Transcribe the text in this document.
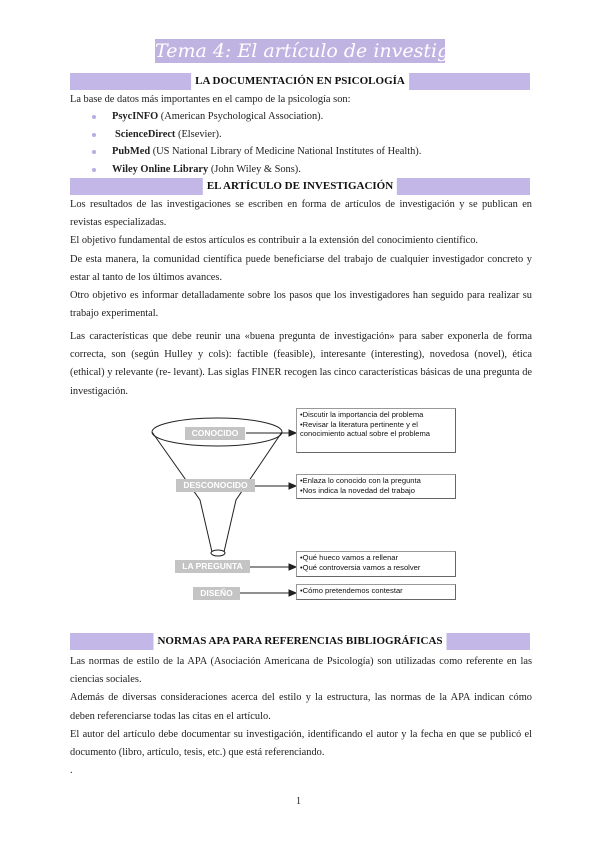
Tema 4: El artículo de investigación
LA DOCUMENTACIÓN EN PSICOLOGÍA

La base de datos más importantes en el campo de la psicología son:

PsycINFO (American Psychological Association).
ScienceDirect (Elsevier).
PubMed (US National Library of Medicine National Institutes of Health).
Wiley Online Library (John Wiley & Sons).
EL ARTÍCULO DE INVESTIGACIÓN

Los resultados de las investigaciones se escriben en forma de artículos de investigación y se publican en revistas especializadas.

El objetivo fundamental de estos artículos es contribuir a la extensión del conocimiento científico.

De esta manera, la comunidad científica puede beneficiarse del trabajo de cualquier investigador concreto y estar al tanto de los últimos avances.

Otro objetivo es informar detalladamente sobre los pasos que los investigadores han seguido para realizar su trabajo experimental.

Las características que debe reunir una «buena pregunta de investigación» para saber exponerla de forma correcta, son (según Hulley y cols): factible (feasible), interesante (interesting), novedosa (novel), ética (ethical) y relevante (re- levant). Las siglas FINER recogen las cinco características básicas de una pregunta de investigación.

CONOCIDO
DESCONOCIDO
LA PREGUNTA
DISEÑO
•Discutir la importancia del problema
•Revisar la literatura pertinente y el conocimiento actual sobre el problema
•Enlaza lo conocido con la pregunta
•Nos indica la novedad del trabajo
•Qué hueco vamos a rellenar
•Qué controversia vamos a resolver
•Cómo pretendemos contestar
NORMAS APA PARA REFERENCIAS BIBLIOGRÁFICAS

Las normas de estilo de la APA (Asociación Americana de Psicología) son utilizadas como referente en las ciencias sociales.

Además de diversas consideraciones acerca del estilo y la estructura, las normas de la APA indican cómo deben referenciarse todas las citas en el artículo.

El autor del artículo debe documentar su investigación, identificando el autor y la fecha en que se publicó el documento (libro, artículo, tesis, etc.) que está referenciando.

.

1
